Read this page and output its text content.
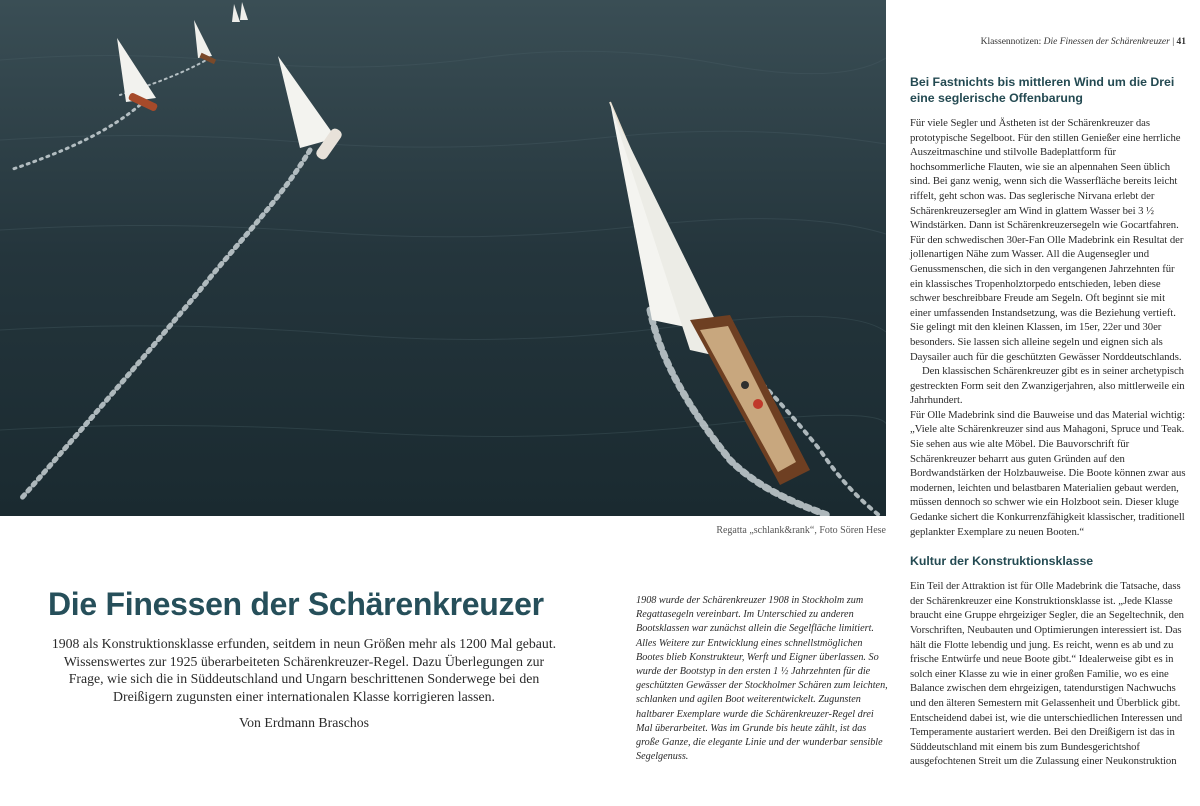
Regatta „schlank&rank“, Foto Sören Hese
Klassennotizen: Die Finessen der Schärenkreuzer | 41
Bei Fastnichts bis mittleren Wind um die Drei eine seglerische Offenbarung

Für viele Segler und Ästheten ist der Schärenkreuzer das prototypische Segelboot. Für den stillen Genießer eine herrliche Auszeitmaschine und stilvolle Badeplattform für hochsommerliche Flauten, wie sie an alpennahen Seen üblich sind. Bei ganz wenig, wenn sich die Wasserfläche bereits leicht riffelt, geht schon was. Das seglerische Nirvana erlebt der Schärenkreuzersegler am Wind in glattem Wasser bei 3 ½ Windstärken. Dann ist Schärenkreuzersegeln wie Gocartfahren. Für den schwedischen 30er-Fan Olle Madebrink ein Resultat der jollenartigen Nähe zum Wasser. All die Augensegler und Genussmenschen, die sich in den vergangenen Jahrzehnten für ein klassisches Tropenholztorpedo entschieden, leben diese schwer beschreibbare Freude am Segeln. Oft beginnt sie mit einer umfassenden Instandsetzung, was die Beziehung vertieft. Sie gelingt mit den kleinen Klassen, im 15er, 22er und 30er besonders. Sie lassen sich alleine segeln und eignen sich als Daysailer auch für die geschützten Gewässer Norddeutschlands.

Den klassischen Schärenkreuzer gibt es in seiner archetypisch gestreckten Form seit den Zwanzigerjahren, also mittlerweile ein Jahrhundert.

Für Olle Madebrink sind die Bauweise und das Material wichtig: „Viele alte Schärenkreuzer sind aus Mahagoni, Spruce und Teak. Sie sehen aus wie alte Möbel. Die Bauvorschrift für Schärenkreuzer beharrt aus guten Gründen auf den Bordwandstärken der Holzbauweise. Die Boote können zwar aus modernen, leichten und belastbaren Materialien gebaut werden, müssen dennoch so schwer wie ein Holzboot sein. Dieser kluge Gedanke sichert die Konkurrenzfähigkeit klassischer, traditionell geplankter Exemplare zu neuen Booten.“

Kultur der Konstruktionsklasse

Ein Teil der Attraktion ist für Olle Madebrink die Tatsache, dass der Schärenkreuzer eine Konstruktionsklasse ist. „Jede Klasse braucht eine Gruppe ehrgeiziger Segler, die an Segeltechnik, den Vorschriften, Neubauten und Optimierungen interessiert ist. Das hält die Flotte lebendig und jung. Es reicht, wenn es ab und zu frische Entwürfe und neue Boote gibt.“ Idealerweise gibt es in solch einer Klasse zu wie in einer großen Familie, wo es eine Balance zwischen dem ehrgeizigen, tatendurstigen Nachwuchs und den älteren Semestern mit Gelassenheit und Überblick gibt. Entscheidend dabei ist, wie die unterschiedlichen Interessen und Temperamente austariert werden. Bei den Dreißigern ist das in Süddeutschland mit einem bis zum Bundesgerichtshof ausgefochtenen Streit um die Zulassung einer Neukonstruktion

Die Finessen der Schärenkreuzer

1908 als Konstruktionsklasse erfunden, seitdem in neun Größen mehr als 1200 Mal gebaut. Wissenswertes zur 1925 überarbeiteten Schärenkreuzer-Regel. Dazu Überlegungen zur Frage, wie sich die in Süddeutschland und Ungarn beschrittenen Sonderwege bei den Dreißigern zugunsten einer internationalen Klasse korrigieren lassen.

Von Erdmann Braschos

1908 wurde der Schärenkreuzer 1908 in Stockholm zum Regattasegeln vereinbart. Im Unterschied zu anderen Bootsklassen war zunächst allein die Segelfläche limitiert. Alles Weitere zur Entwicklung eines schnellstmöglichen Bootes blieb Konstrukteur, Werft und Eigner überlassen. So wurde der Bootstyp in den ersten 1 ½ Jahrzehnten für die geschützten Gewässer der Stockholmer Schären zum leichten, schlanken und agilen Boot weiterentwickelt. Zugunsten haltbarer Exemplare wurde die Schärenkreuzer-Regel drei Mal überarbeitet. Was im Grunde bis heute zählt, ist das große Ganze, die elegante Linie und der wunderbar sensible Segelgenuss.
